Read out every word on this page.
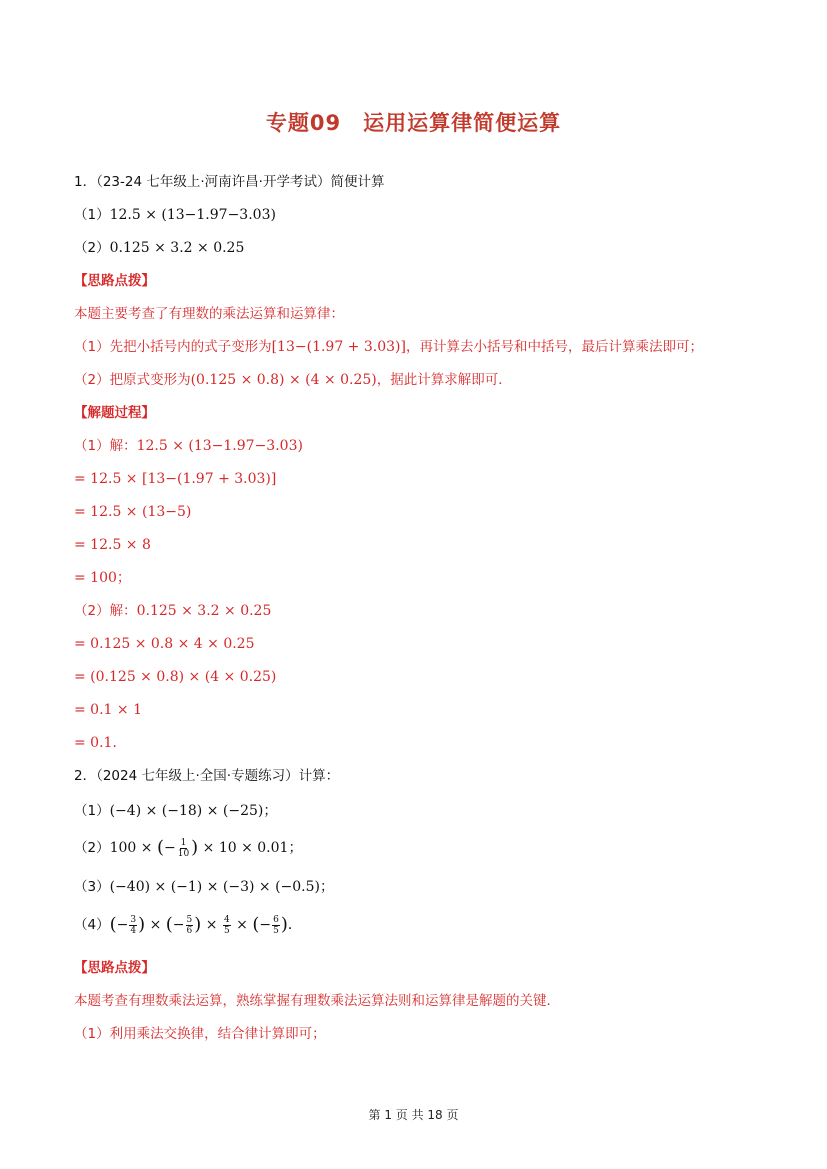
专题09　运用运算律简便运算
1．（23-24 七年级上·河南许昌·开学考试）简便计算
（1）12.5 × (13−1.97−3.03)
（2）0.125 × 3.2 × 0.25
【思路点拨】
本题主要考查了有理数的乘法运算和运算律：
（1）先把小括号内的式子变形为[13−(1.97 + 3.03)]，再计算去小括号和中括号，最后计算乘法即可；
（2）把原式变形为(0.125 × 0.8) × (4 × 0.25)，据此计算求解即可．
【解题过程】
（1）解：12.5 × (13−1.97−3.03)
= 12.5 × [13−(1.97 + 3.03)]
= 12.5 × (13−5)
= 12.5 × 8
= 100；
（2）解：0.125 × 3.2 × 0.25
= 0.125 × 0.8 × 4 × 0.25
= (0.125 × 0.8) × (4 × 0.25)
= 0.1 × 1
= 0.1．
2．（2024 七年级上·全国·专题练习）计算：
（1）(−4) × (−18) × (−25)；
（2）100 × (− $\frac{1}{10}$ ) × 10 × 0.01；
（3）(−40) × (−1) × (−3) × (−0.5)；
$(4)(- \frac{3}{4}$ ) × (− $\frac{5}{6}$ ) × $\frac{4}{5}$ × (− $\frac{6}{5}$ )．
【思路点拨】
本题考查有理数乘法运算，熟练掌握有理数乘法运算法则和运算律是解题的关键．
（1）利用乘法交换律，结合律计算即可；
第 1 页 共 18 页
